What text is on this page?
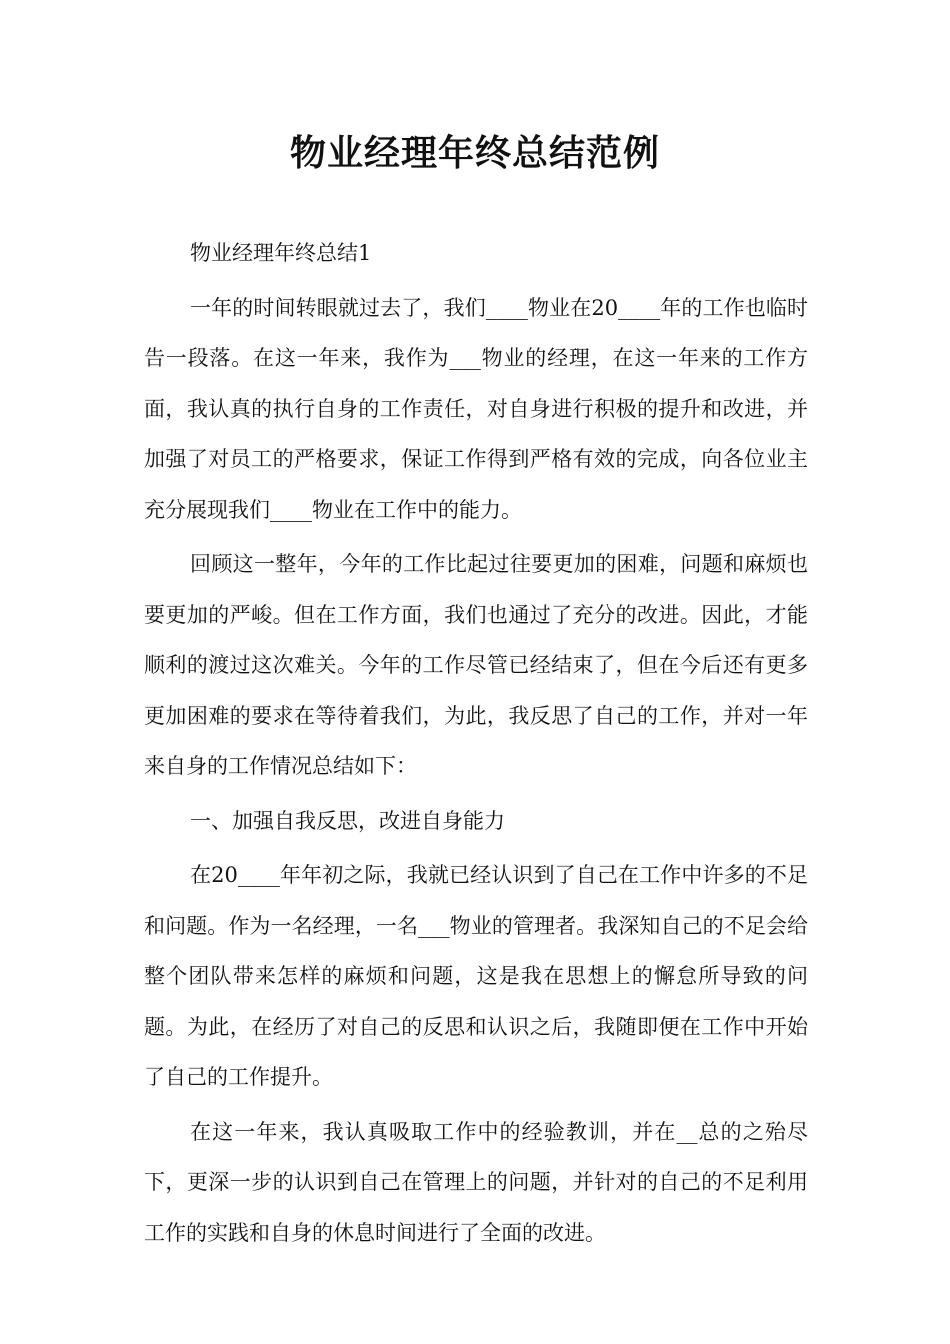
物业经理年终总结范例

物业经理年终总结1

一年的时间转眼就过去了，我们____物业在20____年的工作也临时告一段落。在这一年来，我作为___物业的经理，在这一年来的工作方面，我认真的执行自身的工作责任，对自身进行积极的提升和改进，并加强了对员工的严格要求，保证工作得到严格有效的完成，向各位业主充分展现我们____物业在工作中的能力。

回顾这一整年，今年的工作比起过往要更加的困难，问题和麻烦也要更加的严峻。但在工作方面，我们也通过了充分的改进。因此，才能顺利的渡过这次难关。今年的工作尽管已经结束了，但在今后还有更多更加困难的要求在等待着我们，为此，我反思了自己的工作，并对一年来自身的工作情况总结如下：

一、加强自我反思，改进自身能力

在20____年年初之际，我就已经认识到了自己在工作中许多的不足和问题。作为一名经理，一名___物业的管理者。我深知自己的不足会给整个团队带来怎样的麻烦和问题，这是我在思想上的懈怠所导致的问题。为此，在经历了对自己的反思和认识之后，我随即便在工作中开始了自己的工作提升。

在这一年来，我认真吸取工作中的经验教训，并在__总的之殆尽下，更深一步的认识到自己在管理上的问题，并针对的自己的不足利用工作的实践和自身的休息时间进行了全面的改进。
